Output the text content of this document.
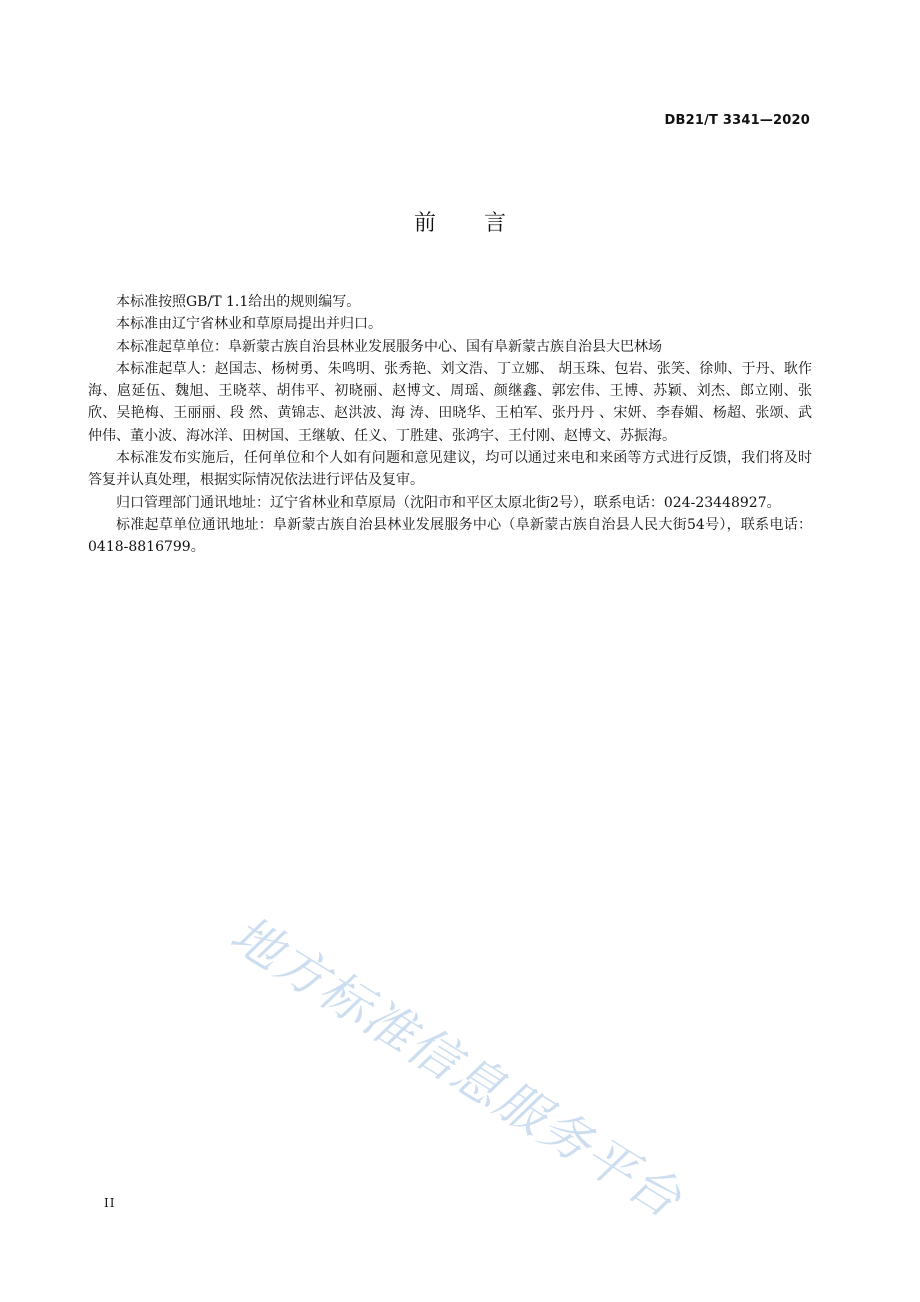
DB21/T 3341—2020
前言

本标准按照GB/T 1.1给出的规则编写。

本标准由辽宁省林业和草原局提出并归口。

本标准起草单位：阜新蒙古族自治县林业发展服务中心、国有阜新蒙古族自治县大巴林场

本标准起草人：赵国志、杨树勇、朱鸣明、张秀艳、刘文浩、丁立娜、 胡玉珠、包岩、张笑、徐帅、于丹、耿作海、扈延伍、魏旭、王晓萃、胡伟平、初晓丽、赵博文、周瑶、颜继鑫、郭宏伟、王博、苏颖、刘杰、郎立刚、张欣、吴艳梅、王丽丽、段 然、黄锦志、赵洪波、海 涛、田晓华、王柏军、张丹丹 、宋妍、李春媚、杨超、张颂、武仲伟、董小波、海冰洋、田树国、王继敏、任义、丁胜建、张鸿宇、王付刚、赵博文、苏振海。

本标准发布实施后，任何单位和个人如有问题和意见建议，均可以通过来电和来函等方式进行反馈，我们将及时答复并认真处理，根据实际情况依法进行评估及复审。

归口管理部门通讯地址：辽宁省林业和草原局（沈阳市和平区太原北街2号），联系电话：024-23448927。

标准起草单位通讯地址：阜新蒙古族自治县林业发展服务中心（阜新蒙古族自治县人民大街54号），联系电话：0418-8816799。

地方标准信息服务平台
II
